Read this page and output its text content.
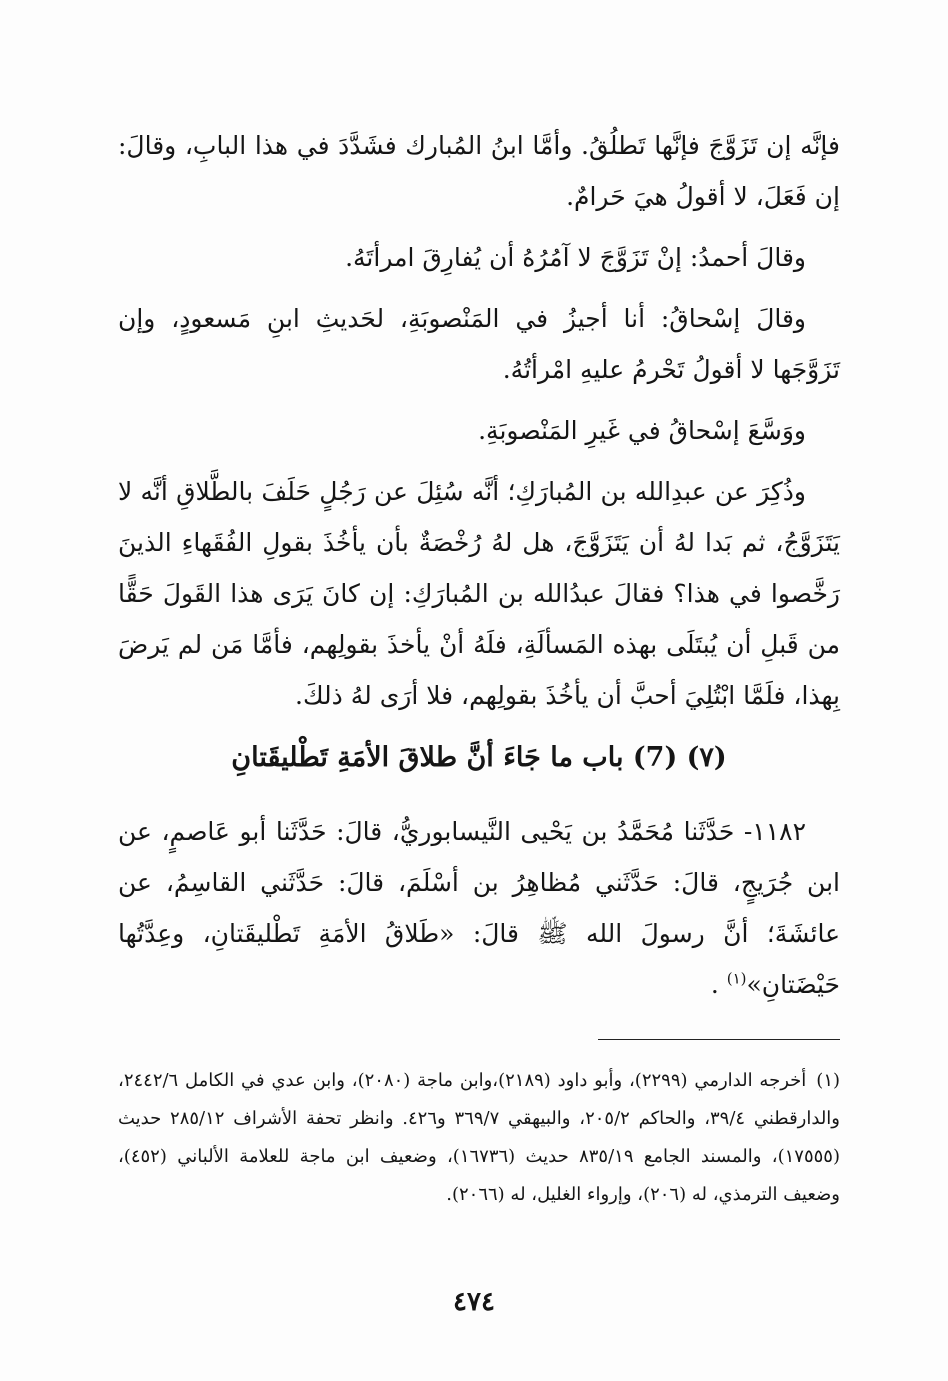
فإنَّه إن تَزَوَّجَ فإنَّها تَطلُقُ. وأمَّا ابنُ المُبارك فشَدَّدَ في هذا البابِ، وقالَ: إن فَعَلَ، لا أقولُ هيَ حَرامٌ.

وقالَ أحمدُ: إنْ تَزَوَّجَ لا آمُرُهُ أن يُفارِقَ امرأتَهُ.

وقالَ إسْحاقُ: أنا أجيزُ في المَنْصوبَةِ، لحَديثِ ابنِ مَسعودٍ، وإن تَزَوَّجَها لا أقولُ تَحْرمُ عليهِ امْرأتُهُ.

ووَسَّعَ إسْحاقُ في غَيرِ المَنْصوبَةِ.

وذُكِرَ عن عبدِالله بن المُبارَكِ؛ أنَّه سُئِلَ عن رَجُلٍ حَلَفَ بالطَّلاقِ أنَّه لا يَتَزَوَّجُ، ثم بَدا لهُ أن يَتَزَوَّجَ، هل لهُ رُخْصَةٌ بأن يأخُذَ بقولِ الفُقَهاءِ الذينَ رَخَّصوا في هذا؟ فقالَ عبدُالله بن المُبارَكِ: إن كانَ يَرَى هذا القَولَ حَقًّا من قَبلِ أن يُبتَلَى بهذه المَسألَةِ، فلَهُ أنْ يأخذَ بقولِهم، فأمَّا مَن لم يَرضَ بِهذا، فلَمَّا ابْتُلِيَ أحبَّ أن يأخُذَ بقولِهم، فلا أرَى لهُ ذلكَ.

(٧) (7) باب ما جَاءَ أنَّ طلاقَ الأمَةِ تَطْليقَتانِ

١١٨٢- حَدَّثَنا مُحَمَّدُ بن يَحْيى النَّيسابوريُّ، قالَ: حَدَّثَنا أبو عَاصمٍ، عن ابن جُرَيجٍ، قالَ: حَدَّثَني مُظاهِرُ بن أسْلَمَ، قالَ: حَدَّثَني القاسِمُ، عن عائشَةَ؛ أنَّ رسولَ الله ﷺ قالَ: «طَلاقُ الأمَةِ تَطْليقَتانِ، وعِدَّتُها حَيْضَتانِ»$^{(١)}$ .

(١)أخرجه الدارمي (٢٢٩٩)، وأبو داود (٢١٨٩)،وابن ماجة (٢٠٨٠)، وابن عدي في الكامل ٢٤٤٢/٦، والدارقطني ٣٩/٤، والحاكم ٢٠٥/٢، والبيهقي ٣٦٩/٧ و٤٢٦. وانظر تحفة الأشراف ٢٨٥/١٢ حديث (١٧٥٥٥)، والمسند الجامع ٨٣٥/١٩ حديث (١٦٧٣٦)، وضعيف ابن ماجة للعلامة الألباني (٤٥٢)، وضعيف الترمذي، له (٢٠٦)، وإرواء الغليل، له (٢٠٦٦).

٤٧٤
